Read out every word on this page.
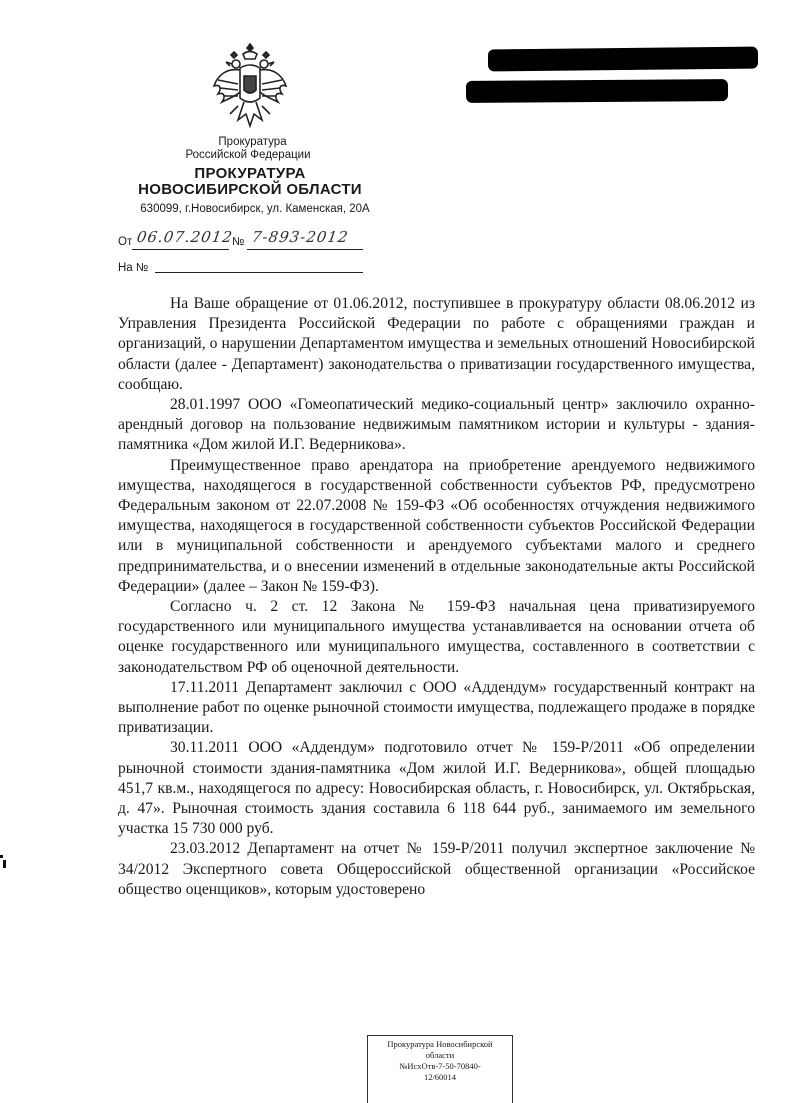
Прокуратура
Российской Федерации
ПРОКУРАТУРА
НОВОСИБИРСКОЙ ОБЛАСТИ
630099, г.Новосибирск, ул. Каменская, 20А
От 06.07.2012
№ 7-893-2012
На №

На Ваше обращение от 01.06.2012, поступившее в прокуратуру области 08.06.2012 из Управления Президента Российской Федерации по работе с обращениями граждан и организаций, о нарушении Департаментом имущества и земельных отношений Новосибирской области (далее - Департамент) законодательства о приватизации государственного имущества, сообщаю.

28.01.1997 ООО «Гомеопатический медико-социальный центр» заключило охранно-арендный договор на пользование недвижимым памятником истории и культуры - здания-памятника «Дом жилой И.Г. Ведерникова».

Преимущественное право арендатора на приобретение арендуемого недвижимого имущества, находящегося в государственной собственности субъектов РФ, предусмотрено Федеральным законом от 22.07.2008 № 159-ФЗ «Об особенностях отчуждения недвижимого имущества, находящегося в государственной собственности субъектов Российской Федерации или в муниципальной собственности и арендуемого субъектами малого и среднего предпринимательства, и о внесении изменений в отдельные законодательные акты Российской Федерации» (далее – Закон № 159-ФЗ).

Согласно ч. 2 ст. 12 Закона № 159-ФЗ начальная цена приватизируемого государственного или муниципального имущества устанавливается на основании отчета об оценке государственного или муниципального имущества, составленного в соответствии с законодательством РФ об оценочной деятельности.

17.11.2011 Департамент заключил с ООО «Аддендум» государственный контракт на выполнение работ по оценке рыночной стоимости имущества, подлежащего продаже в порядке приватизации.

30.11.2011 ООО «Аддендум» подготовило отчет № 159-Р/2011 «Об определении рыночной стоимости здания-памятника «Дом жилой И.Г. Ведерникова», общей площадью 451,7 кв.м., находящегося по адресу: Новосибирская область, г. Новосибирск, ул. Октябрьская, д. 47». Рыночная стоимость здания составила 6 118 644 руб., занимаемого им земельного участка 15 730 000 руб.

23.03.2012 Департамент на отчет № 159-Р/2011 получил экспертное заключение № 34/2012 Экспертного совета Общероссийской общественной организации «Российское общество оценщиков», которым удостоверено

Прокуратура Новосибирской
области
№ИсхОтв-7-50-70840-
12/60014
